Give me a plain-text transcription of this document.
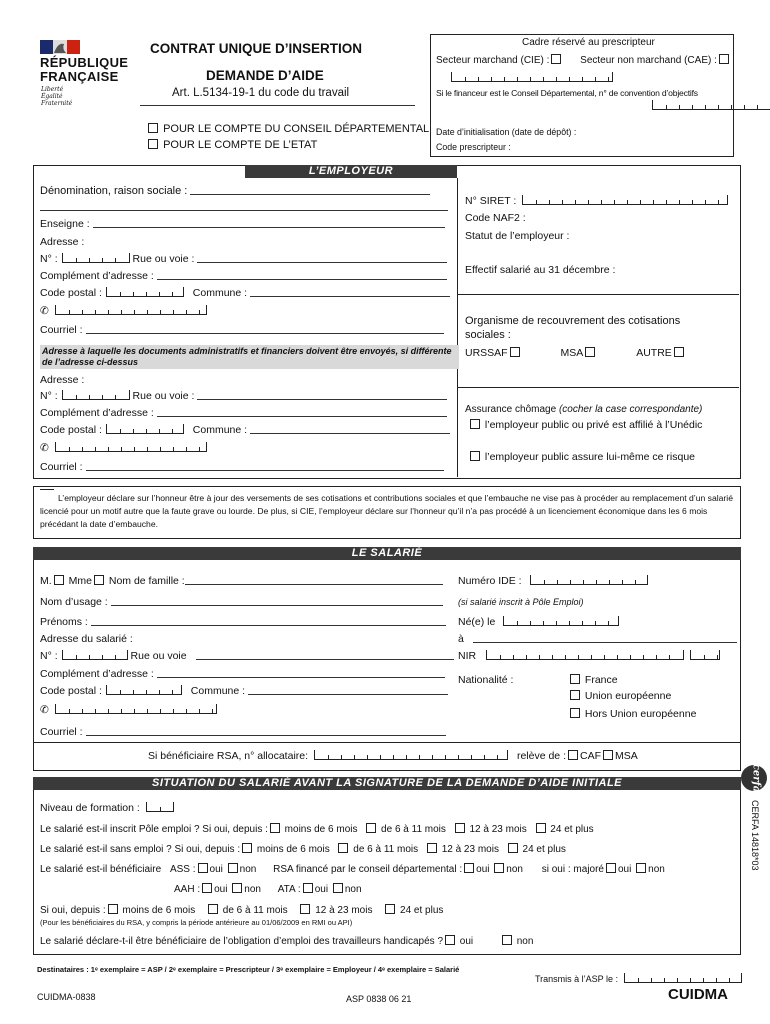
RÉPUBLIQUE
FRANÇAISE
Liberté
Égalité
Fraternité
CONTRAT UNIQUE D’INSERTION
DEMANDE D’AIDE
Art. L.5134-19-1 du code du travail
POUR LE COMPTE DU CONSEIL DÉPARTEMENTAL
POUR LE COMPTE DE L’ETAT
Cadre réservé au prescripteur
Secteur marchand (CIE) :	Secteur non marchand (CAE) :

Si le financeur est le Conseil Départemental, n° de convention d’objectifs

Date d’initialisation (date de dépôt) :

Code prescripteur :

L’EMPLOYEUR
Dénomination, raison sociale :
Enseigne :
Adresse :
N° :	Rue ou voie :
Complément d’adresse :
Code postal :	Commune :
✆
Courriel :
Adresse à laquelle les documents administratifs et financiers doivent être envoyés, si différente de l’adresse ci-dessus
Adresse :
N° :	Rue ou voie :
Complément d’adresse :
Code postal :	Commune :
✆
Courriel :
N° SIRET :
Code NAF2 :

Statut de l’employeur :

Effectif salarié au 31 décembre :
Organisme de recouvrement des cotisations sociales :
URSSAF	MSA	AUTRE
Assurance chômage (cocher la case correspondante)
l’employeur public ou privé est affilié à l’Unédic
l’employeur public assure lui-même ce risque
L’employeur déclare sur l’honneur être à jour des versements de ses cotisations et contributions sociales et que l’embauche ne vise pas à procéder au remplacement d’un salarié licencié pour un motif autre que la faute grave ou lourde. De plus, si CIE, l’employeur déclare sur l’honneur qu’il n’a pas procédé à un licenciement économique dans les 6 mois précédant la date d’embauche.
LE SALARIÉ
M. Mme Nom de famille :
Nom d’usage :
Prénoms :
Adresse du salarié :
N° :	Rue ou voie
Complément d’adresse :
Code postal :	Commune :
✆
Courriel :
Numéro IDE :
(si salarié inscrit à Pôle Emploi)
Né(e) le
à
NIR
Nationalité :	France
Union européenne
Hors Union européenne
Si bénéficiaire RSA, n° allocataire:	relève de : CAF MSA
SITUATION DU SALARIÉ AVANT LA SIGNATURE DE LA DEMANDE D’AIDE INITIALE
Niveau de formation :
Le salarié est-il inscrit Pôle emploi ? Si oui, depuis : moins de 6 mois de 6 à 11 mois 12 à 23 mois 24 et plus
Le salarié est-il sans emploi ? Si oui, depuis : moins de 6 mois de 6 à 11 mois 12 à 23 mois 24 et plus
Le salarié est-il bénéficiaire ASS : oui non RSA financé par le conseil départemental : oui non si oui : majoré oui non
AAH : oui non ATA : oui non
Si oui, depuis : moins de 6 mois	de 6 à 11 mois	12 à 23 mois	24 et plus
(Pour les bénéficiaires du RSA, y compris la période antérieure au 01/06/2009 en RMI ou API)
Le salarié déclare-t-il être bénéficiaire de l’obligation d’emploi des travailleurs handicapés ? oui	non
cerfa
CERFA 14818*03
Destinataires : 1ᵉ exemplaire = ASP / 2ᵉ exemplaire = Prescripteur / 3ᵉ exemplaire = Employeur / 4ᵉ exemplaire = Salarié
Transmis à l’ASP le :
CUIDMA-0838	ASP 0838 06 21	CUIDMA
